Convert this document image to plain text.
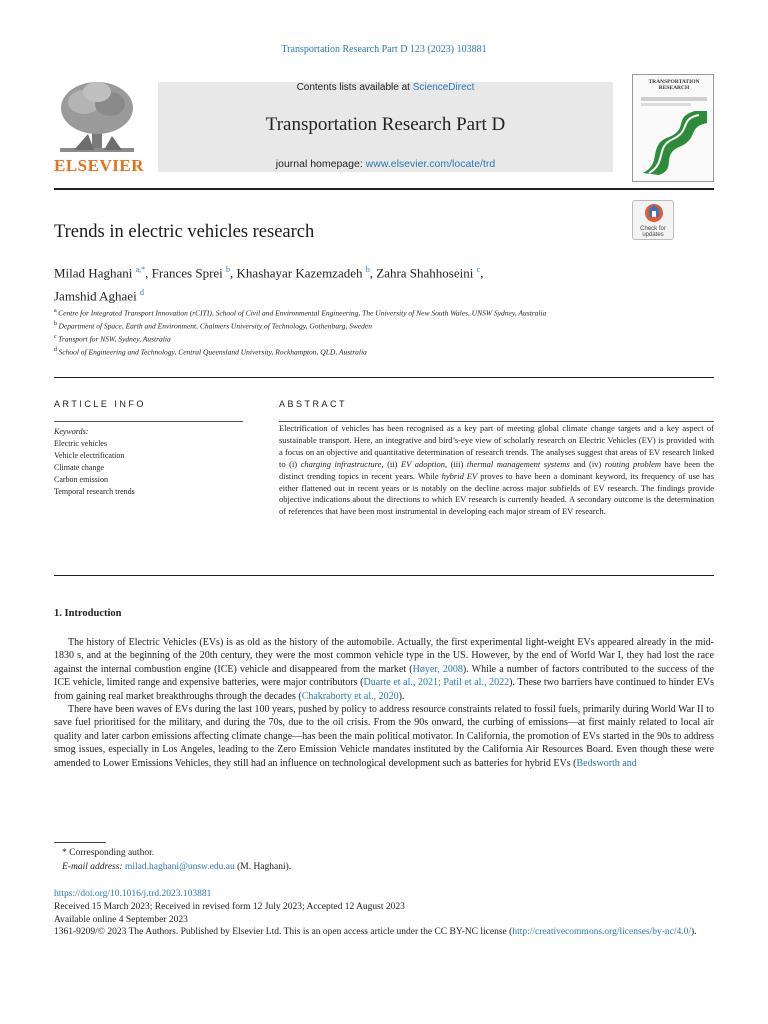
Transportation Research Part D 123 (2023) 103881
ELSEVIER
Contents lists available at ScienceDirect
Transportation Research Part D
journal homepage: www.elsevier.com/locate/trd
TRANSPORTATION RESEARCH
Check for updates
Trends in electric vehicles research
Milad Haghani $^{a,*}$, Frances Sprei $^b$, Khashayar Kazemzadeh $^b$, Zahra Shahhoseini $^c$,
Jamshid Aghaei $^d$
$^a$ Centre for Integrated Transport Innovation (rCITI), School of Civil and Environmental Engineering, The University of New South Wales, UNSW Sydney, Australia
$^b$ Department of Space, Earth and Environment, Chalmers University of Technology, Gothenburg, Sweden
$^c$ Transport for NSW, Sydney, Australia
$^d$ School of Engineering and Technology, Central Queensland University, Rockhampton, QLD, Australia
ARTICLE INFO
Keywords:
Electric vehicles
Vehicle electrification
Climate change
Carbon emission
Temporal research trends
ABSTRACT
Electrification of vehicles has been recognised as a key part of meeting global climate change targets and a key aspect of sustainable transport. Here, an integrative and bird’s-eye view of scholarly research on Electric Vehicles (EV) is provided with a focus on an objective and quantitative determination of research trends. The analyses suggest that areas of EV research linked to (i) charging infrastructure, (ii) EV adoption, (iii) thermal management systems and (iv) routing problem have been the distinct trending topics in recent years. While hybrid EV proves to have been a dominant keyword, its frequency of use has either flattened out in recent years or is notably on the decline across major subfields of EV research. The findings provide objective indications about the directions to which EV research is currently headed. A secondary outcome is the determination of references that have been most instrumental in developing each major stream of EV research.
1. Introduction

The history of Electric Vehicles (EVs) is as old as the history of the automobile. Actually, the first experimental light-weight EVs appeared already in the mid-1830 s, and at the beginning of the 20th century, they were the most common vehicle type in the US. However, by the end of World War I, they had lost the race against the internal combustion engine (ICE) vehicle and disappeared from the market (Høyer, 2008). While a number of factors contributed to the success of the ICE vehicle, limited range and expensive batteries, were major contributors (Duarte et al., 2021; Patil et al., 2022). These two barriers have continued to hinder EVs from gaining real market breakthroughs through the decades (Chakraborty et al., 2020).

There have been waves of EVs during the last 100 years, pushed by policy to address resource constraints related to fossil fuels, primarily during World War II to save fuel prioritised for the military, and during the 70s, due to the oil crisis. From the 90s onward, the curbing of emissions—at first mainly related to local air quality and later carbon emissions affecting climate change—has been the main political motivator. In California, the promotion of EVs started in the 90s to address smog issues, especially in Los Angeles, leading to the Zero Emission Vehicle mandates instituted by the California Air Resources Board. Even though these were amended to Lower Emissions Vehicles, they still had an influence on technological development such as batteries for hybrid EVs (Bedsworth and

* Corresponding author.
E-mail address: milad.haghani@unsw.edu.au (M. Haghani).
https://doi.org/10.1016/j.trd.2023.103881
Received 15 March 2023; Received in revised form 12 July 2023; Accepted 12 August 2023
Available online 4 September 2023
1361-9209/© 2023 The Authors. Published by Elsevier Ltd. This is an open access article under the CC BY-NC license (http://creativecommons.org/licenses/by-nc/4.0/).
